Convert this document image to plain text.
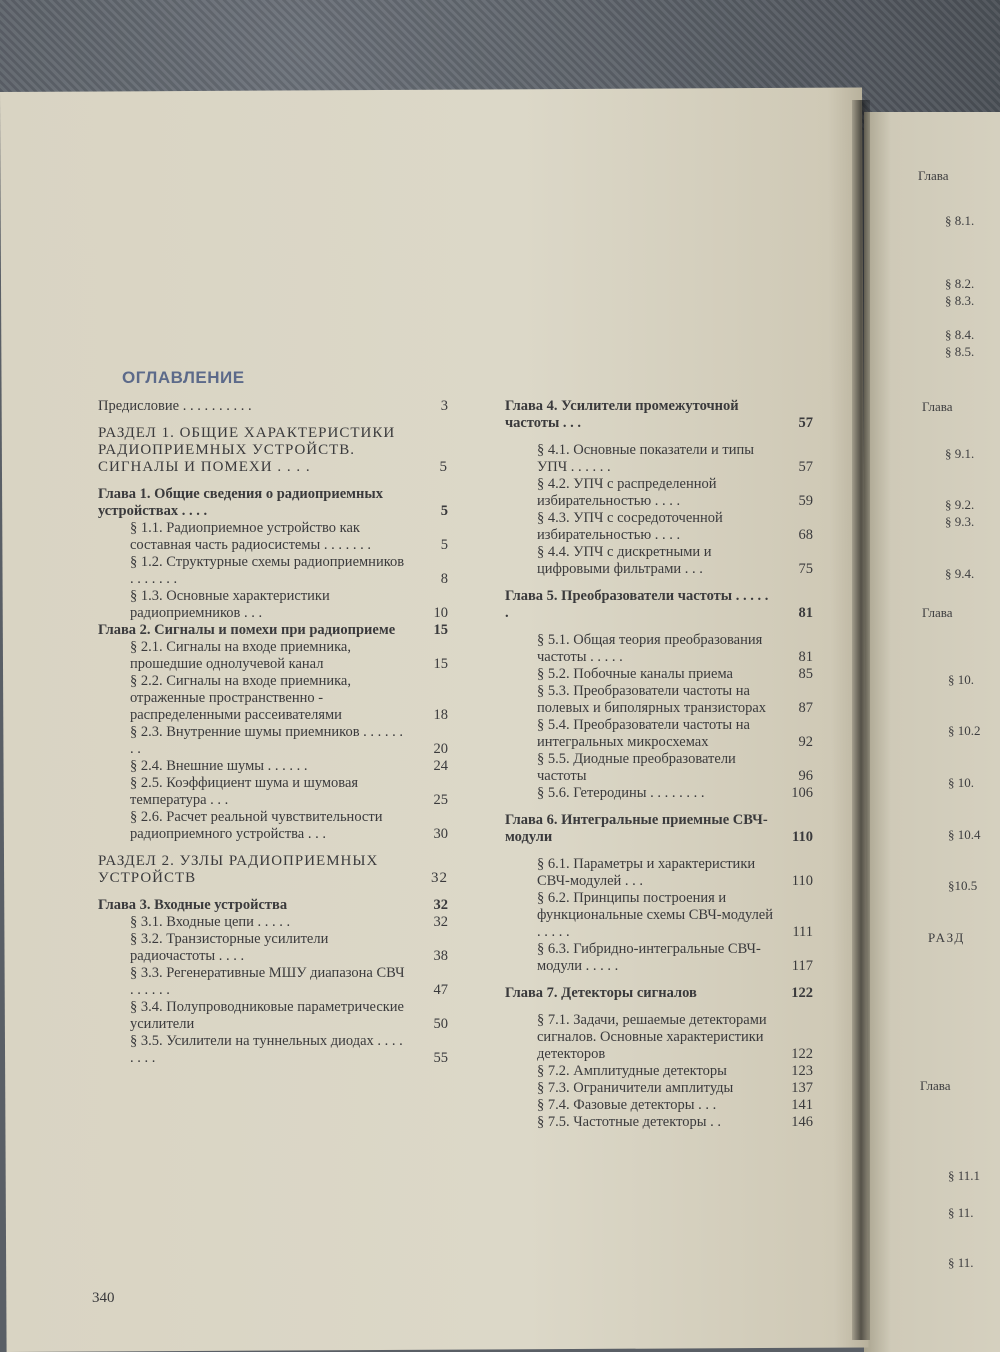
ОГЛАВЛЕНИЕ
Предисловие . . . . . . . . . .	3
РАЗДЕЛ 1. ОБЩИЕ ХАРАКТЕРИСТИКИ РАДИОПРИЕМНЫХ УСТРОЙСТВ. СИГНАЛЫ И ПОМЕХИ . . . .	5
Глава 1. Общие сведения о радиоприемных устройствах . . . .	5
§ 1.1. Радиоприемное устройство как составная часть радиосистемы . . . . . . .	5
§ 1.2. Структурные схемы радиоприемников . . . . . . .	8
§ 1.3. Основные характеристики радиоприемников . . .	10
Глава 2. Сигналы и помехи при радиоприеме	15
§ 2.1. Сигналы на входе приемника, прошедшие однолучевой канал	15
§ 2.2. Сигналы на входе приемника, отраженные пространственно - распределенными рассеивателями	18
§ 2.3. Внутренние шумы приемников . . . . . . . .	20
§ 2.4. Внешние шумы . . . . . .	24
§ 2.5. Коэффициент шума и шумовая температура . . .	25
§ 2.6. Расчет реальной чувствительности радиоприемного устройства . . .	30
РАЗДЕЛ 2. УЗЛЫ РАДИОПРИЕМНЫХ УСТРОЙСТВ	32
Глава 3. Входные устройства	32
§ 3.1. Входные цепи . . . . .	32
§ 3.2. Транзисторные усилители радиочастоты . . . .	38
§ 3.3. Регенеративные МШУ диапазона СВЧ . . . . . .	47
§ 3.4. Полупроводниковые параметрические усилители	50
§ 3.5. Усилители на туннельных диодах . . . . . . . .	55
Глава 4. Усилители промежуточной частоты . . .	57
§ 4.1. Основные показатели и типы УПЧ . . . . . .	57
§ 4.2. УПЧ с распределенной избирательностью . . . .	59
§ 4.3. УПЧ с сосредоточенной избирательностью . . . .	68
§ 4.4. УПЧ с дискретными и цифровыми фильтрами . . .	75
Глава 5. Преобразователи частоты . . . . . .	81
§ 5.1. Общая теория преобразования частоты . . . . .	81
§ 5.2. Побочные каналы приема	85
§ 5.3. Преобразователи частоты на полевых и биполярных транзисторах	87
§ 5.4. Преобразователи частоты на интегральных микросхемах	92
§ 5.5. Диодные преобразователи частоты	96
§ 5.6. Гетеродины . . . . . . . .	106
Глава 6. Интегральные приемные СВЧ-модули	110
§ 6.1. Параметры и характеристики СВЧ-модулей . . .	110
§ 6.2. Принципы построения и функциональные схемы СВЧ-модулей . . . . .	111
§ 6.3. Гибридно-интегральные СВЧ-модули . . . . .	117
Глава 7. Детекторы сигналов	122
§ 7.1. Задачи, решаемые детекторами сигналов. Основные характеристики детекторов	122
§ 7.2. Амплитудные детекторы	123
§ 7.3. Ограничители амплитуды	137
§ 7.4. Фазовые детекторы . . .	141
§ 7.5. Частотные детекторы . .	146
340
Глава
§ 8.1.
§ 8.2.
§ 8.3.
§ 8.4.
§ 8.5.
Глава
§ 9.1.
§ 9.2.
§ 9.3.
§ 9.4.
Глава
§ 10.
§ 10.2
§ 10.
§ 10.4
§10.5
РАЗД
Глава
§ 11.1
§ 11.
§ 11.
